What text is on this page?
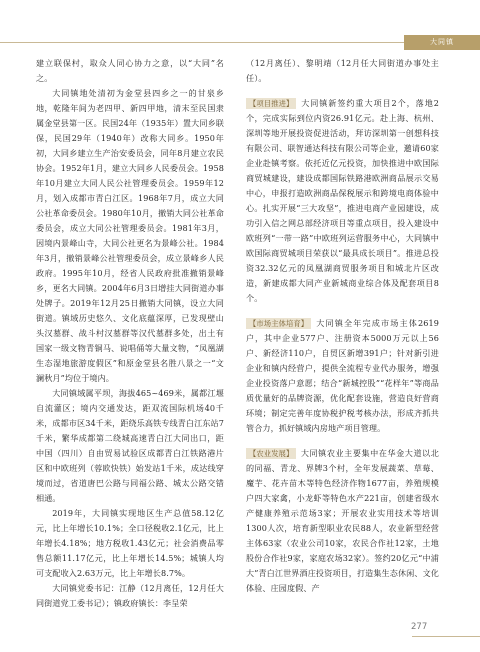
大同镇

建立联保村，取众人同心协力之意，以“大同”名之。

大同镇地处清初为金堂县四乡之一的甘泉乡地，乾隆年间为老四甲、新四甲地，清末至民国隶属金堂县第一区。民国24年（1935年）置大同乡联保，民国29年（1940年）改称大同乡。1950年初，大同乡建立生产治安委员会，同年8月建立农民协会。1952年1月，建立大同乡人民委员会。1958年10月建立大同人民公社管理委员会。1959年12月，划入成都市青白江区。1968年7月，成立大同公社革命委员会。1980年10月，撤销大同公社革命委员会，成立大同公社管理委员会。1981年3月，因境内景峰山寺，大同公社更名为景峰公社。1984年3月，撤销景峰公社管理委员会，成立景峰乡人民政府。1995年10月，经省人民政府批准撤销景峰乡，更名大同镇。2004年6月3日增挂大同街道办事处牌子。2019年12月25日撤销大同镇，设立大同街道。镇域历史悠久、文化底蕴深厚，已发现壁山头汉墓群、战斗村汉墓群等汉代墓群多处，出土有国家一级文物青铜马、说唱俑等大量文物，“凤凰湖生态湿地旅游度假区”和原金堂县名胜八景之一“文澜秋月”均位于境内。

大同镇域属平坝，海拔465~469米，属都江堰自流灌区；境内交通发达，距双流国际机场40千米，成都市区34千米，距绕乐高铁专线青白江东站7千米，繁华成都第二绕城高速青白江大同出口，距中国（四川）自由贸易试验区成都青白江铁路港片区和中欧班列（蓉欧快铁）始发站1千米，成达线穿境而过，省道唐巴公路与同福公路、城太公路交错相通。

2019年，大同镇实现地区生产总值58.12亿元，比上年增长10.1%；全口径税收2.1亿元，比上年增长4.18%；地方税收1.43亿元；社会消费品零售总额11.17亿元，比上年增长14.5%；城镇人均可支配收入2.63万元，比上年增长8.7%。

大同镇党委书记：江静（12月离任，12月任大同街道党工委书记）；镇政府镇长：李呈荣

（12月离任）、黎明靖（12月任大同街道办事处主任）。

【项目推进】 大同镇新签约重大项目2个，落地2个，完成实际到位内资26.91亿元。赴上海、杭州、深圳等地开展投资促进活动，拜访深圳第一创想科技有限公司、联智通达科技有限公司等企业，邀请60家企业赴镇考察。依托近亿元投资，加快推进中欧国际商贸城建设，建设成都国际铁路港欧洲商品展示交易中心，申报打造欧洲商品保税展示和跨境电商体验中心。扎实开展“三大攻坚”，推进电商产业园建设，成功引入信之网总部经济项目等重点项目，投入建设中欧班列“一带一路”中欧班列运营服务中心，大同镇中欧国际商贸城项目荣获以“最具成长项目”。推进总投资32.32亿元的凤凰湖商贸服务项目和城北片区改造，新建成都大同产业新城商业综合体及配套项目8个。

【市场主体培育】 大同镇全年完成市场主体2619户，其中企业577户、注册资本5000万元以上56户、新经济110户，自贸区新增391户；针对新引进企业和镇内经营户，提供全流程专业代办服务，增强企业投资落户意愿；结合“新城控股”“花样年”等商品质优量好的品牌资源，优化配套设施，营造良好营商环境；制定完善年度协税护税考核办法，形成齐抓共管合力，抓好镇域内房地产项目管理。

【农业发展】 大同镇农业主要集中在华金大道以北的同福、青龙、界牌3个村，全年发展蔬菜、草莓、魔芋、花卉苗木等特色经济作物1677亩，养殖规模户四大家禽，小龙虾等特色水产221亩，创建省级水产健康养殖示范场3家；开展农业实用技术等培训1300人次，培育新型职业农民88人，农业新型经营主体63家（农业公司10家，农民合作社12家，土地股份合作社9家，家庭农场32家）。签约20亿元“中浦大”青白江世界酒庄投资项目，打造集生态休闲、文化体验、庄园度假、产

277
